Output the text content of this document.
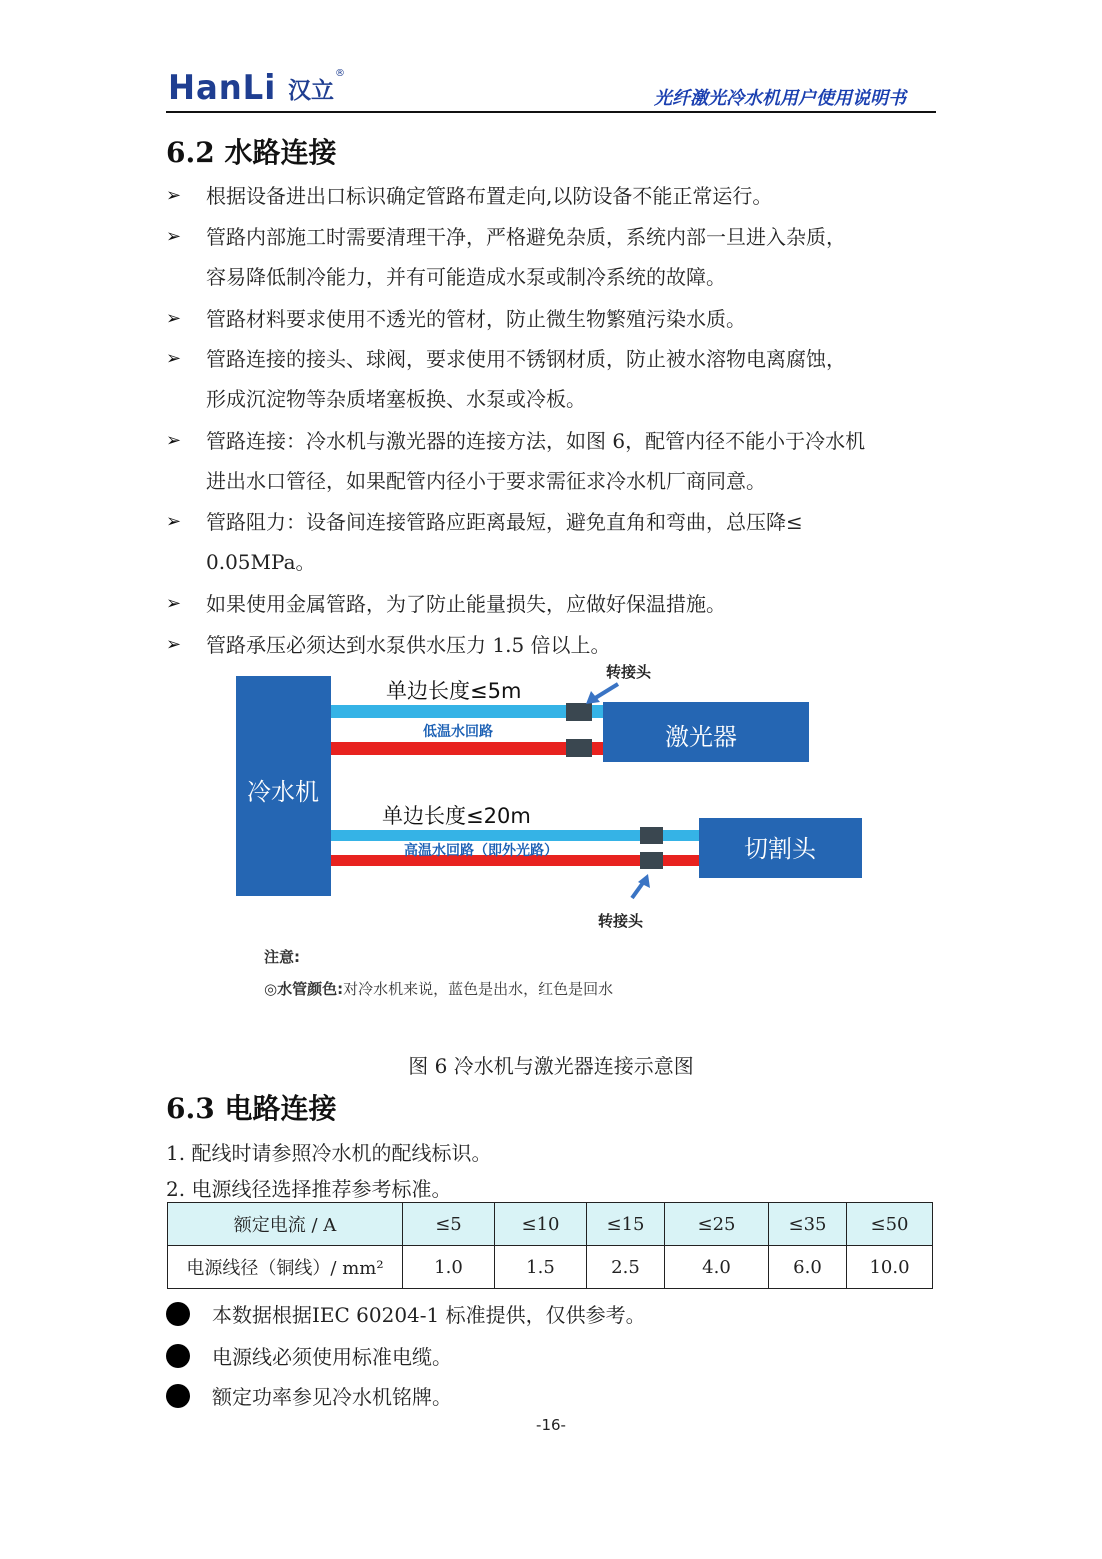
HanLi 汉立
®
光纤激光冷水机用户使用说明书
6.2 水路连接
➢	根据设备进出口标识确定管路布置走向,以防设备不能正常运行。
➢	管路内部施工时需要清理干净，严格避免杂质，系统内部一旦进入杂质，
容易降低制冷能力，并有可能造成水泵或制冷系统的故障。
➢	管路材料要求使用不透光的管材，防止微生物繁殖污染水质。
➢	管路连接的接头、球阀，要求使用不锈钢材质，防止被水溶物电离腐蚀，
形成沉淀物等杂质堵塞板换、水泵或冷板。
➢	管路连接：冷水机与激光器的连接方法，如图 6，配管内径不能小于冷水机
进出水口管径，如果配管内径小于要求需征求冷水机厂商同意。
➢	管路阻力：设备间连接管路应距离最短，避免直角和弯曲，总压降≤
0.05MPa。
➢	如果使用金属管路，为了防止能量损失，应做好保温措施。
➢	管路承压必须达到水泵供水压力 1.5 倍以上。
冷水机
单边长度≤5m
低温水回路	激光器
转接头
单边长度≤20m
高温水回路（即外光路）	切割头
转接头
注意:
◎水管颜色:对冷水机来说，蓝色是出水，红色是回水
图 6 冷水机与激光器连接示意图
6.3 电路连接
1. 配线时请参照冷水机的配线标识。
2. 电源线径选择推荐参考标准。
额定电流 / A	≤5	≤10	≤15	≤25	≤35	≤50
电源线径（铜线）/ mm²	1.0	1.5	2.5	4.0	6.0	10.0
本数据根据IEC 60204-1 标准提供，仅供参考。
电源线必须使用标准电缆。
额定功率参见冷水机铭牌。
-16-
